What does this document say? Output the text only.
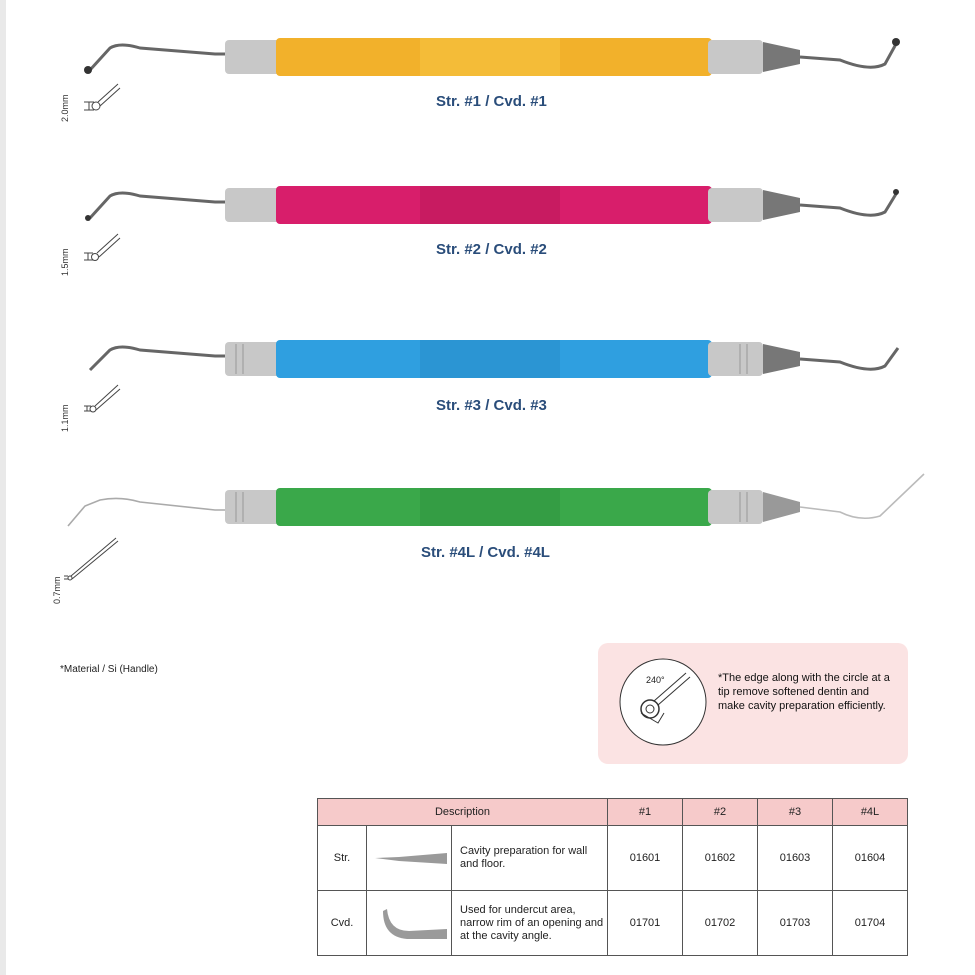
Str. #1 / Cvd. #1
2.0mm
Str. #2 / Cvd. #2
1.5mm
Str. #3 / Cvd. #3
1.1mm
Str. #4L / Cvd. #4L
0.7mm
*Material / Si (Handle)
240°	*The edge along with the circle at a tip remove softened dentin and make cavity preparation efficiently.
Description			#1	#2	#3	#4L
Str.		Cavity preparation for wall and floor.	01601	01602	01603	01604
Cvd.		Used for undercut area, narrow rim of an opening and at the cavity angle.	01701	01702	01703	01704
